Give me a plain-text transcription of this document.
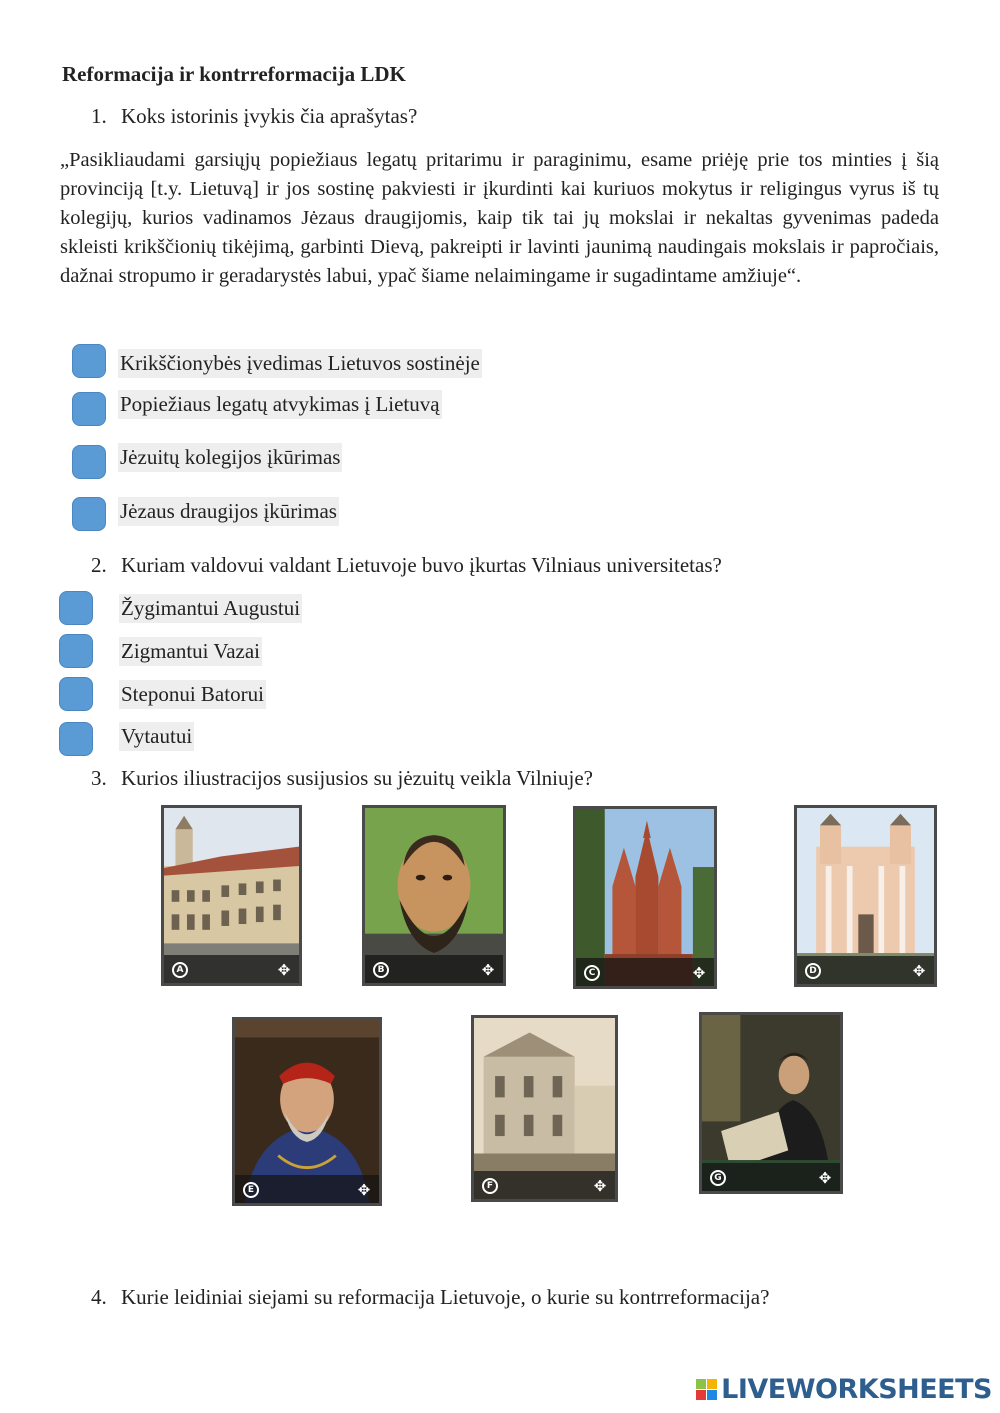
Reformacija ir kontrreformacija LDK
1. Koks istorinis įvykis čia aprašytas?
„Pasikliaudami garsiųjų popiežiaus legatų pritarimu ir paraginimu, esame priėję prie tos minties į šią provinciją [t.y. Lietuvą] ir jos sostinę pakviesti ir įkurdinti kai kuriuos mokytus ir religingus vyrus iš tų kolegijų, kurios vadinamos Jėzaus draugijomis, kaip tik tai jų mokslai ir nekaltas gyvenimas padeda skleisti krikščionių tikėjimą, garbinti Dievą, pakreipti ir lavinti jaunimą naudingais mokslais ir papročiais, dažnai stropumo ir geradarystės labui, ypač šiame nelaimingame ir sugadintame amžiuje“.
Krikščionybės įvedimas Lietuvos sostinėje
Popiežiaus legatų atvykimas į Lietuvą
Jėzuitų kolegijos įkūrimas
Jėzaus draugijos įkūrimas
2. Kuriam valdovui valdant Lietuvoje buvo įkurtas Vilniaus universitetas?
Žygimantui Augustui
Zigmantui Vazai
Steponui Batorui
Vytautui
3. Kurios iliustracijos susijusios su jėzuitų veikla Vilniuje?
A	✥	B	✥	C	✥	D	✥
E	✥	F	✥	G	✥
4. Kurie leidiniai siejami su reformacija Lietuvoje, o kurie su kontrreformacija?
LIVEWORKSHEETS
